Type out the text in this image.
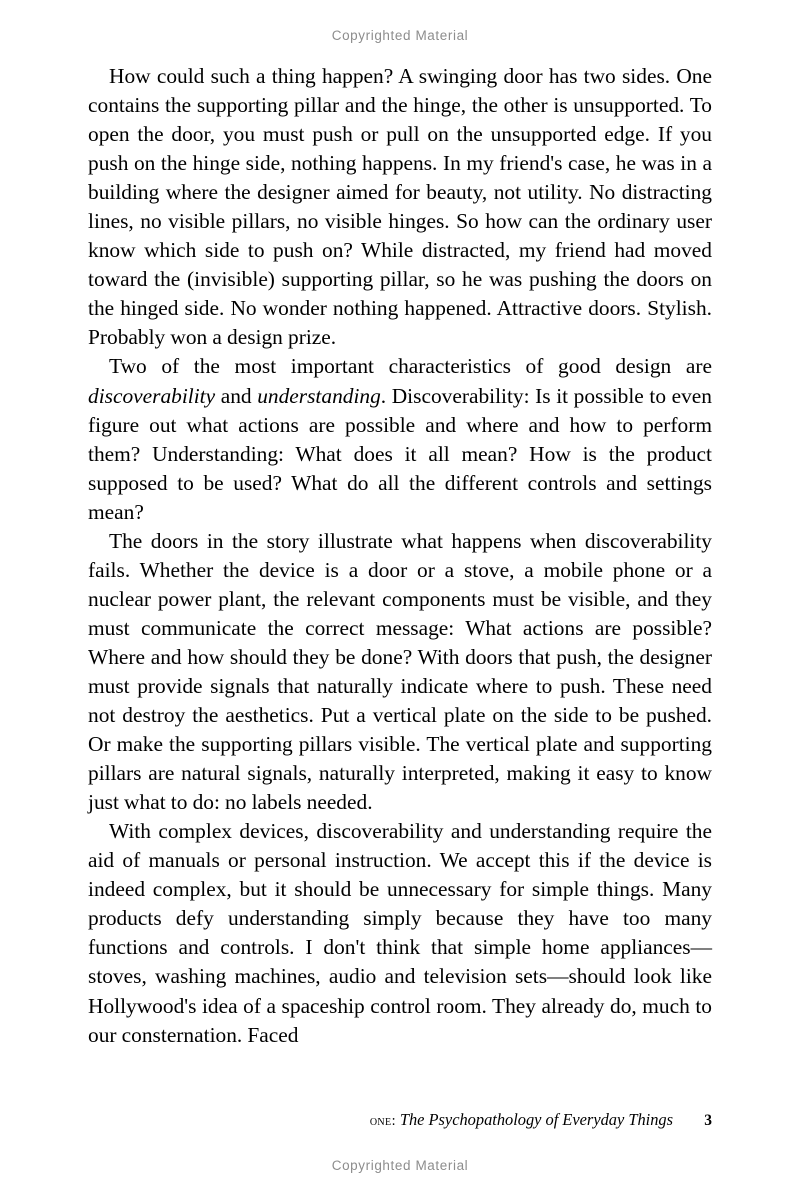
Copyrighted Material

How could such a thing happen? A swinging door has two sides. One contains the supporting pillar and the hinge, the other is unsupported. To open the door, you must push or pull on the unsupported edge. If you push on the hinge side, nothing happens. In my friend's case, he was in a building where the designer aimed for beauty, not utility. No distracting lines, no visible pillars, no visible hinges. So how can the ordinary user know which side to push on? While distracted, my friend had moved toward the (invisible) supporting pillar, so he was pushing the doors on the hinged side. No wonder nothing happened. Attractive doors. Stylish. Probably won a design prize.

Two of the most important characteristics of good design are discoverability and understanding. Discoverability: Is it possible to even figure out what actions are possible and where and how to perform them? Understanding: What does it all mean? How is the product supposed to be used? What do all the different controls and settings mean?

The doors in the story illustrate what happens when discoverability fails. Whether the device is a door or a stove, a mobile phone or a nuclear power plant, the relevant components must be visible, and they must communicate the correct message: What actions are possible? Where and how should they be done? With doors that push, the designer must provide signals that naturally indicate where to push. These need not destroy the aesthetics. Put a vertical plate on the side to be pushed. Or make the supporting pillars visible. The vertical plate and supporting pillars are natural signals, naturally interpreted, making it easy to know just what to do: no labels needed.

With complex devices, discoverability and understanding require the aid of manuals or personal instruction. We accept this if the device is indeed complex, but it should be unnecessary for simple things. Many products defy understanding simply because they have too many functions and controls. I don't think that simple home appliances—stoves, washing machines, audio and television sets—should look like Hollywood's idea of a spaceship control room. They already do, much to our consternation. Faced

one: The Psychopathology of Everyday Things 3
Copyrighted Material
